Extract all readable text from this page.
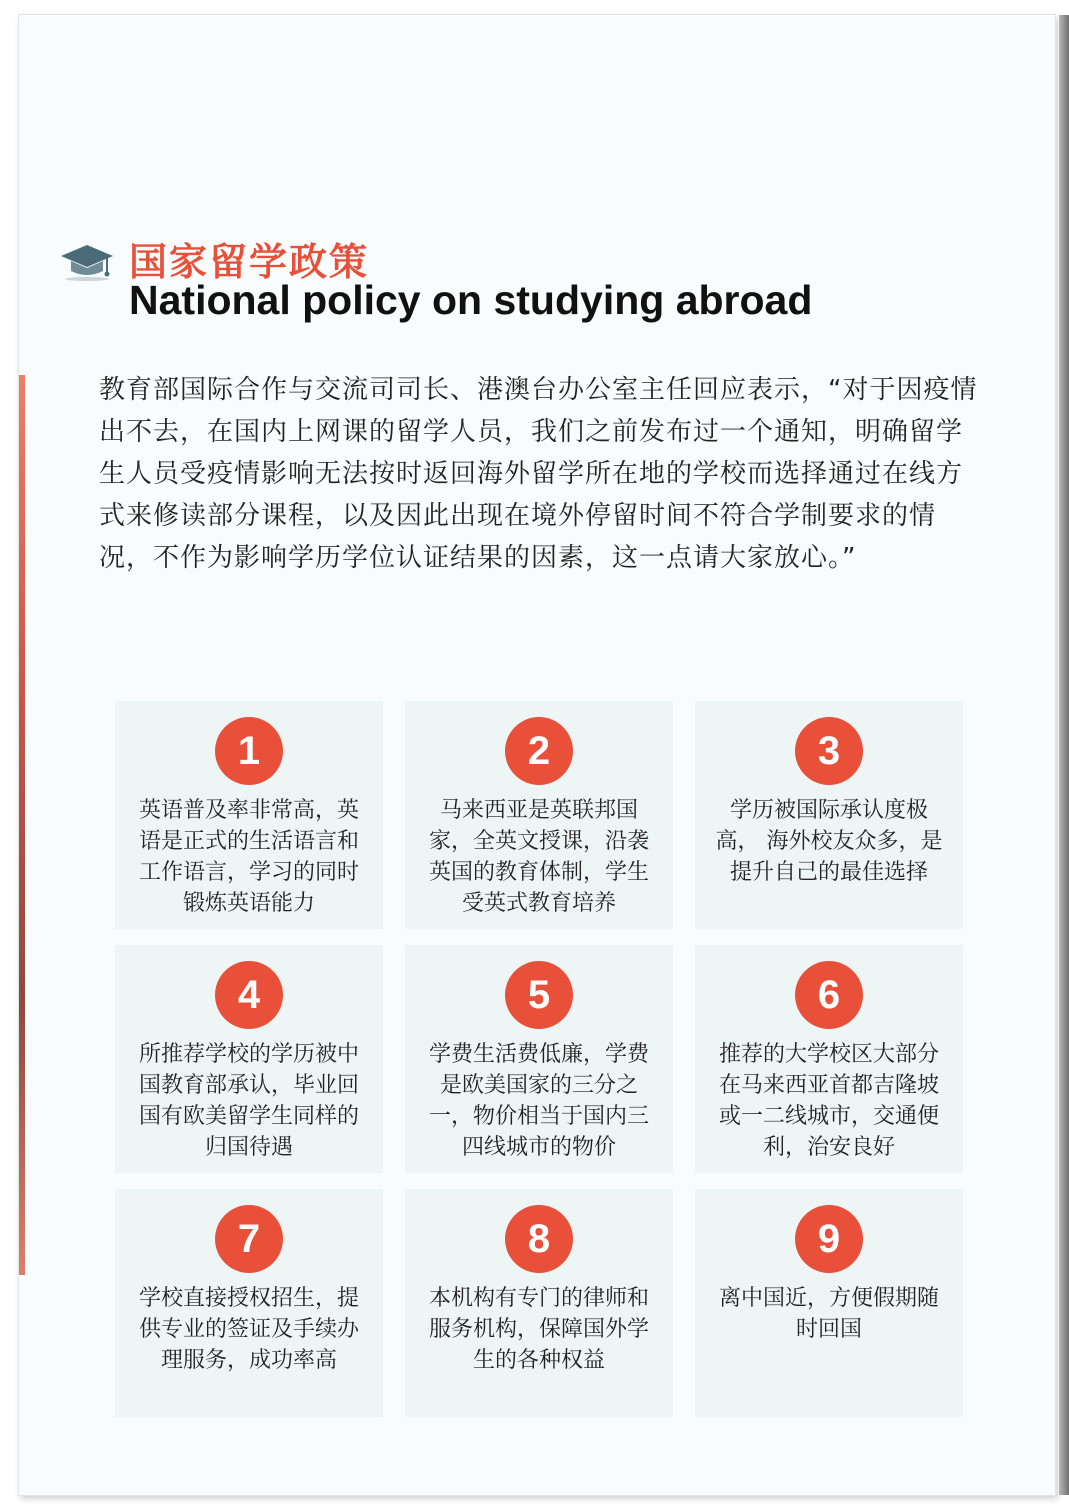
国家留学政策
National policy on studying abroad

教育部国际合作与交流司司长、港澳台办公室主任回应表示，“对于因疫情出不去，在国内上网课的留学人员，我们之前发布过一个通知，明确留学生人员受疫情影响无法按时返回海外留学所在地的学校而选择通过在线方式来修读部分课程，以及因此出现在境外停留时间不符合学制要求的情况，不作为影响学历学位认证结果的因素，这一点请大家放心。”

1

英语普及率非常高，英语是正式的生活语言和工作语言，学习的同时锻炼英语能力

2

马来西亚是英联邦国家，全英文授课，沿袭英国的教育体制，学生受英式教育培养

3

学历被国际承认度极高， 海外校友众多，是提升自己的最佳选择

4

所推荐学校的学历被中国教育部承认，毕业回国有欧美留学生同样的归国待遇

5

学费生活费低廉，学费是欧美国家的三分之一，物价相当于国内三四线城市的物价

6

推荐的大学校区大部分在马来西亚首都吉隆坡或一二线城市，交通便利，治安良好

7

学校直接授权招生，提供专业的签证及手续办理服务，成功率高

8

本机构有专门的律师和服务机构，保障国外学生的各种权益

9

离中国近，方便假期随时回国
